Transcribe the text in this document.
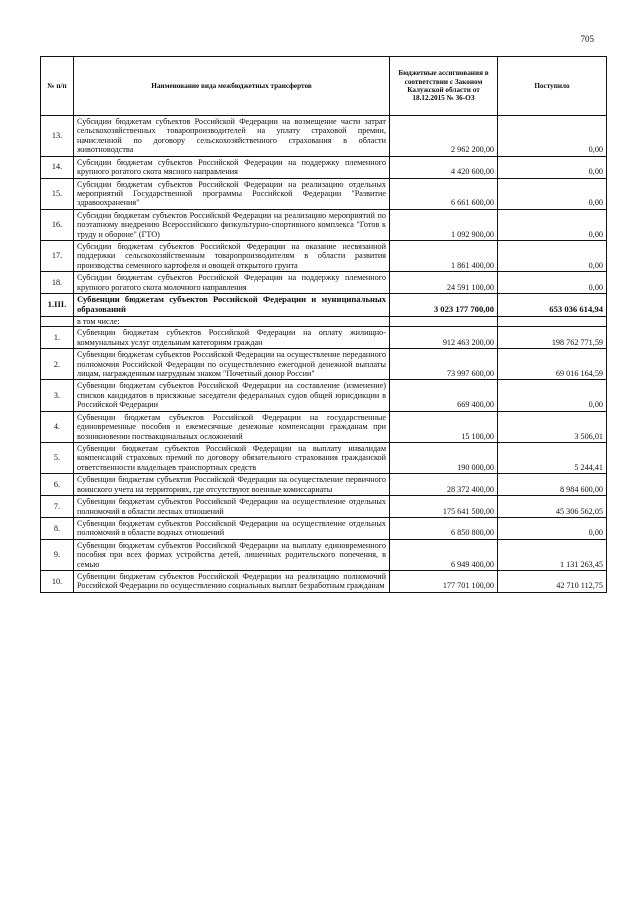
705
№ п/п	Наименование вида межбюджетных трансфертов	Бюджетные ассигнования в соответствии с Законом Калужской области от 18.12.2015 № 36-ОЗ	Поступило
13.	Субсидии бюджетам субъектов Российской Федерации на возмещение части затрат сельскохозяйственных товаропроизводителей на уплату страховой премии, начисленной по договору сельскохозяйственного страхования в области животноводства	2 962 200,00	0,00
14.	Субсидии бюджетам субъектов Российской Федерации на поддержку племенного крупного рогатого скота мясного направления	4 420 600,00	0,00
15.	Субсидии бюджетам субъектов Российской Федерации на реализацию отдельных мероприятий Государственной программы Российской Федерации "Развитие здравоохранения"	6 661 600,00	0,00
16.	Субсидии бюджетам субъектов Российской Федерации на реализацию мероприятий по поэтапному внедрению Всероссийского физкультурно-спортивного комплекса "Готов к труду и обороне" (ГТО)	1 092 900,00	0,00
17.	Субсидии бюджетам субъектов Российской Федерации на оказание несвязанной поддержки сельскохозяйственным товаропроизводителям в области развития производства семенного картофеля и овощей открытого грунта	1 861 400,00	0,00
18.	Субсидии бюджетам субъектов Российской Федерации на поддержку племенного крупного рогатого скота молочного направления	24 591 100,00	0,00
1.III.	Субвенции бюджетам субъектов Российской Федерации и муниципальных образований	3 023 177 700,00	653 036 614,94
	в том числе:		
1.	Субвенции бюджетам субъектов Российской Федерации на оплату жилищно-коммунальных услуг отдельным категориям граждан	912 463 200,00	198 762 771,59
2.	Субвенции бюджетам субъектов Российской Федерации на осуществление переданного полномочия Российской Федерации по осуществлению ежегодной денежной выплаты лицам, награжденным нагрудным знаком "Почетный донор России"	73 997 600,00	69 016 164,59
3.	Субвенции бюджетам субъектов Российской Федерации на составление (изменение) списков кандидатов в присяжные заседатели федеральных судов общей юрисдикции в Российской Федерации	669 400,00	0,00
4.	Субвенции бюджетам субъектов Российской Федерации на государственные единовременные пособия и ежемесячные денежные компенсации гражданам при возникновении поствакцинальных осложнений	15 100,00	3 506,01
5.	Субвенции бюджетам субъектов Российской Федерации на выплату инвалидам компенсаций страховых премий по договору обязательного страхования гражданской ответственности владельцев транспортных средств	190 000,00	5 244,41
6.	Субвенции бюджетам субъектов Российской Федерации на осуществление первичного воинского учета на территориях, где отсутствуют военные комиссариаты	28 372 400,00	8 984 600,00
7.	Субвенции бюджетам субъектов Российской Федерации на осуществление отдельных полномочий в области лесных отношений	175 641 500,00	45 306 562,05
8.	Субвенции бюджетам субъектов Российской Федерации на осуществление отдельных полномочий в области водных отношений	6 850 800,00	0,00
9.	Субвенции бюджетам субъектов Российской Федерации на выплату единовременного пособия при всех формах устройства детей, лишенных родительского попечения, в семью	6 949 400,00	1 131 263,45
10.	Субвенции бюджетам субъектов Российской Федерации на реализацию полномочий Российской Федерации по осуществлению социальных выплат безработным гражданам	177 701 100,00	42 710 112,75
